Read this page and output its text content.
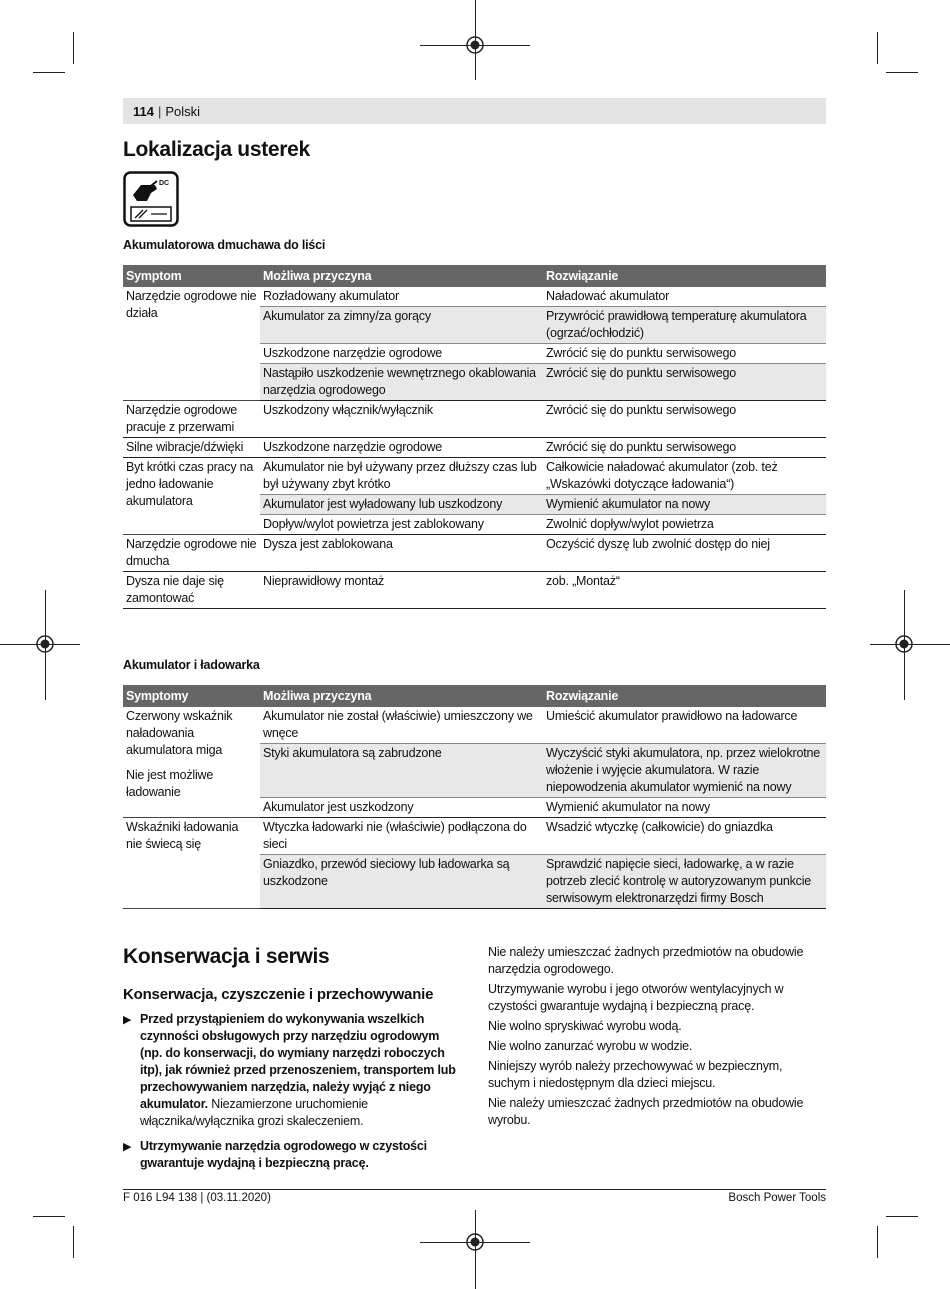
114 | Polski
Lokalizacja usterek
DC
Akumulatorowa dmuchawa do liści
Symptom	Możliwa przyczyna	Rozwiązanie

Narzędzie ogrodowe nie działa	Rozładowany akumulator	Naładować akumulator
	Akumulator za zimny/za gorący	Przywrócić prawidłową temperaturę akumulatora (ogrzać/ochłodzić)
	Uszkodzone narzędzie ogrodowe	Zwrócić się do punktu serwisowego
	Nastąpiło uszkodzenie wewnętrznego okablowania narzędzia ogrodowego	Zwrócić się do punktu serwisowego

Narzędzie ogrodowe pracuje z przerwami	Uszkodzony włącznik/wyłącznik	Zwrócić się do punktu serwisowego

Silne wibracje/dźwięki	Uszkodzone narzędzie ogrodowe	Zwrócić się do punktu serwisowego

Byt krótki czas pracy na jedno ładowanie akumulatora	Akumulator nie był używany przez dłuższy czas lub był używany zbyt krótko	Całkowicie naładować akumulator (zob. też „Wskazówki dotyczące ładowania“)
	Akumulator jest wyładowany lub uszkodzony	Wymienić akumulator na nowy
	Dopływ/wylot powietrza jest zablokowany	Zwolnić dopływ/wylot powietrza

Narzędzie ogrodowe nie dmucha	Dysza jest zablokowana	Oczyścić dyszę lub zwolnić dostęp do niej

Dysza nie daje się zamontować	Nieprawidłowy montaż	zob. „Montaż“
Akumulator i ładowarka
Symptomy	Możliwa przyczyna	Rozwiązanie

Czerwony wskaźnik naładowania akumulatora miga

Nie jest możliwe ładowanie	Akumulator nie został (właściwie) umieszczony we wnęce	Umieścić akumulator prawidłowo na ładowarce
	Styki akumulatora są zabrudzone	Wyczyścić styki akumulatora, np. przez wielokrotne włożenie i wyjęcie akumulatora. W razie niepowodzenia akumulator wymienić na nowy
	Akumulator jest uszkodzony	Wymienić akumulator na nowy

Wskaźniki ładowania nie świecą się	Wtyczka ładowarki nie (właściwie) podłączona do sieci	Wsadzić wtyczkę (całkowicie) do gniazdka
	Gniazdko, przewód sieciowy lub ładowarka są uszkodzone	Sprawdzić napięcie sieci, ładowarkę, a w razie potrzeb zlecić kontrolę w autoryzowanym punkcie serwisowym elektronarzędzi firmy Bosch
Konserwacja i serwis
Konserwacja, czyszczenie i przechowywanie
▶ Przed przystąpieniem do wykonywania wszelkich czynności obsługowych przy narzędziu ogrodowym (np. do konserwacji, do wymiany narzędzi roboczych itp), jak również przed przenoszeniem, transportem lub przechowywaniem narzędzia, należy wyjąć z niego akumulator. Niezamierzone uruchomienie włącznika/wyłącznika grozi skaleczeniem.
▶ Utrzymywanie narzędzia ogrodowego w czystości gwarantuje wydajną i bezpieczną pracę.

Nie należy umieszczać żadnych przedmiotów na obudowie narzędzia ogrodowego.

Utrzymywanie wyrobu i jego otworów wentylacyjnych w czystości gwarantuje wydajną i bezpieczną pracę.

Nie wolno spryskiwać wyrobu wodą.

Nie wolno zanurzać wyrobu w wodzie.

Niniejszy wyrób należy przechowywać w bezpiecznym, suchym i niedostępnym dla dzieci miejscu.

Nie należy umieszczać żadnych przedmiotów na obudowie wyrobu.

F 016 L94 138 | (03.11.2020)	Bosch Power Tools
